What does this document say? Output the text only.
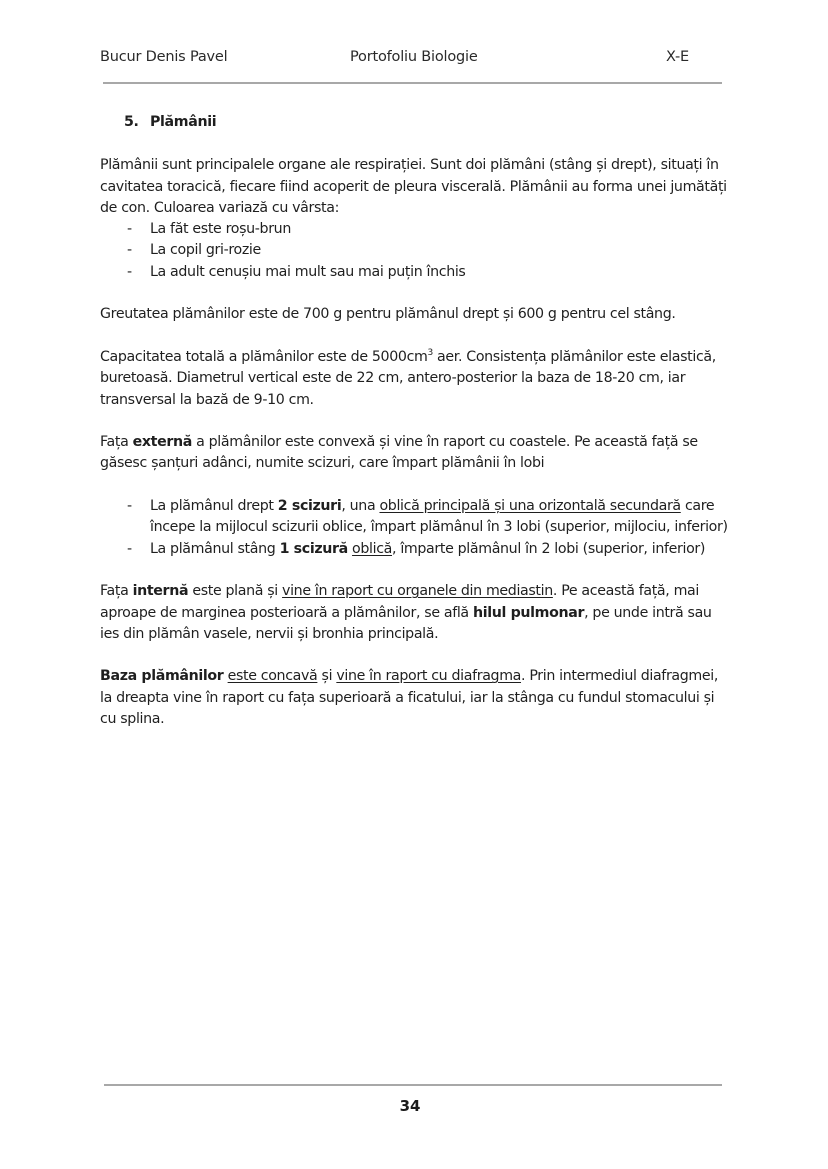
Bucur Denis Pavel	Portofoliu Biologie	X-E
5. Plămânii

Plămânii sunt principalele organe ale respirației. Sunt doi plămâni (stâng și drept), situați în cavitatea toracică, fiecare fiind acoperit de pleura viscerală. Plămânii au forma unei jumătăți de con. Culoarea variază cu vârsta:

- La făt este roșu-brun
- La copil gri-rozie
- La adult cenușiu mai mult sau mai puțin închis

Greutatea plămânilor este de 700 g pentru plămânul drept și 600 g pentru cel stâng.

Capacitatea totală a plămânilor este de $5000cm^3$ aer. Consistența plămânilor este elastică, buretoasă. Diametrul vertical este de 22 cm, antero-posterior la baza de 18-20 cm, iar transversal la bază de 9-10 cm.

Fața externă a plămânilor este convexă și vine în raport cu coastele. Pe această față se găsesc șanțuri adânci, numite scizuri, care împart plămânii în lobi

- La plămânul drept 2 scizuri, una oblică principală și una orizontală secundară care începe la mijlocul scizurii oblice, împart plămânul în 3 lobi (superior, mijlociu, inferior)
- La plămânul stâng 1 scizură oblică, împarte plămânul în 2 lobi (superior, inferior)

Fața internă este plană și vine în raport cu organele din mediastin. Pe această față, mai aproape de marginea posterioară a plămânilor, se află hilul pulmonar, pe unde intră sau ies din plămân vasele, nervii și bronhia principală.

Baza plămânilor este concavă și vine în raport cu diafragma. Prin intermediul diafragmei, la dreapta vine în raport cu fața superioară a ficatului, iar la stânga cu fundul stomacului și cu splina.

34
